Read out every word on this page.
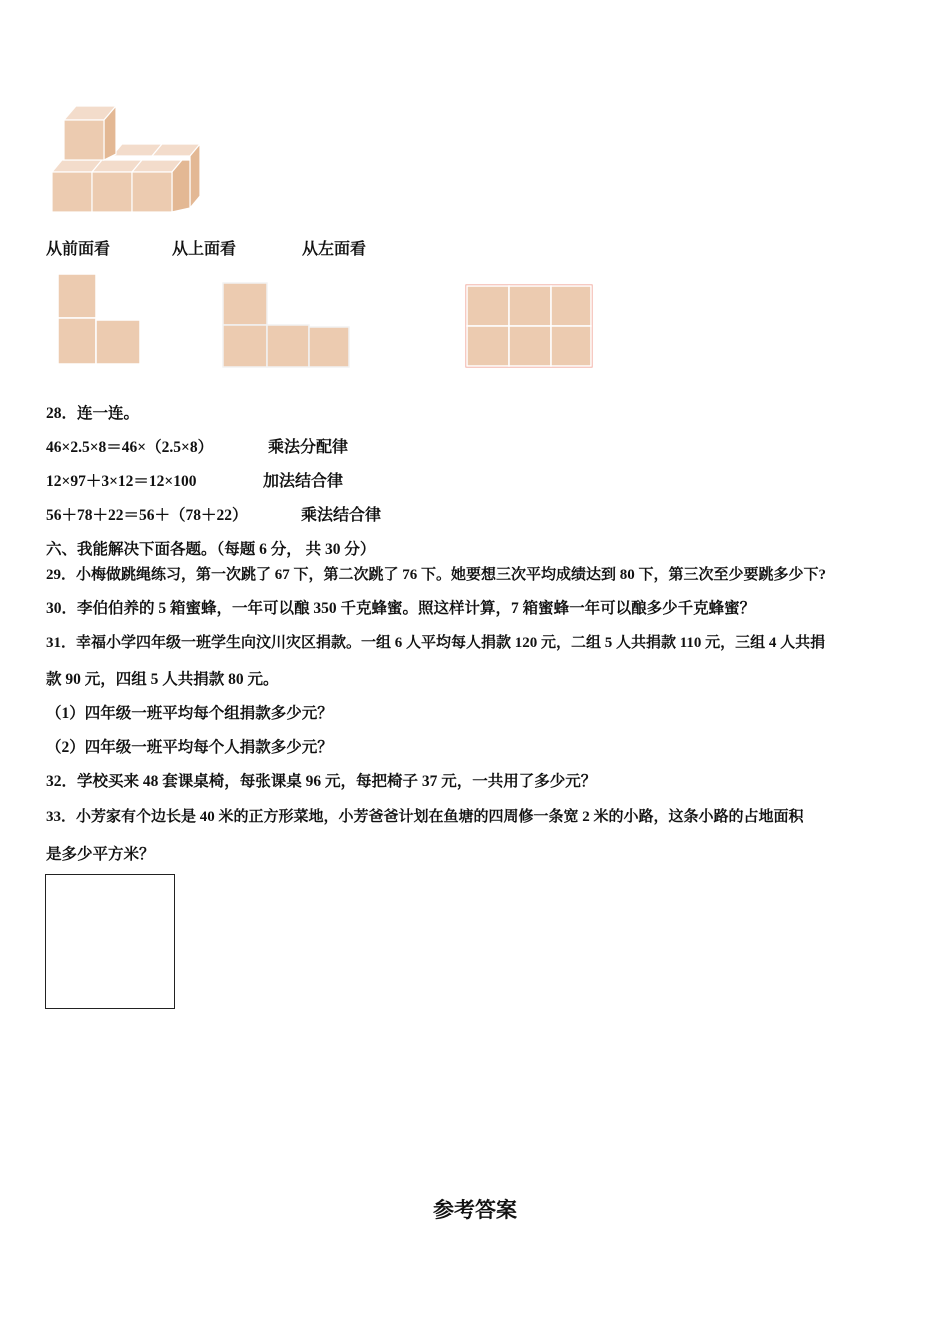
从前面看	从上面看	从左面看
28．连一连。
46×2.5×8＝46×（2.5×8）	乘法分配律
12×97＋3×12＝12×100	加法结合律
56＋78＋22＝56＋（78＋22）	乘法结合律
六、我能解决下面各题。（每题 6 分， 共 30 分）
29．小梅做跳绳练习，第一次跳了 67 下，第二次跳了 76 下。她要想三次平均成绩达到 80 下，第三次至少要跳多少下?
30．李伯伯养的 5 箱蜜蜂，一年可以酿 350 千克蜂蜜。照这样计算，7 箱蜜蜂一年可以酿多少千克蜂蜜？
31．幸福小学四年级一班学生向汶川灾区捐款。一组 6 人平均每人捐款 120 元，二组 5 人共捐款 110 元，三组 4 人共捐
款 90 元，四组 5 人共捐款 80 元。
（1）四年级一班平均每个组捐款多少元？
（2）四年级一班平均每个人捐款多少元？
32．学校买来 48 套课桌椅，每张课桌 96 元，每把椅子 37 元，一共用了多少元？
33．小芳家有个边长是 40 米的正方形菜地，小芳爸爸计划在鱼塘的四周修一条宽 2 米的小路，这条小路的占地面积
是多少平方米？
参考答案
